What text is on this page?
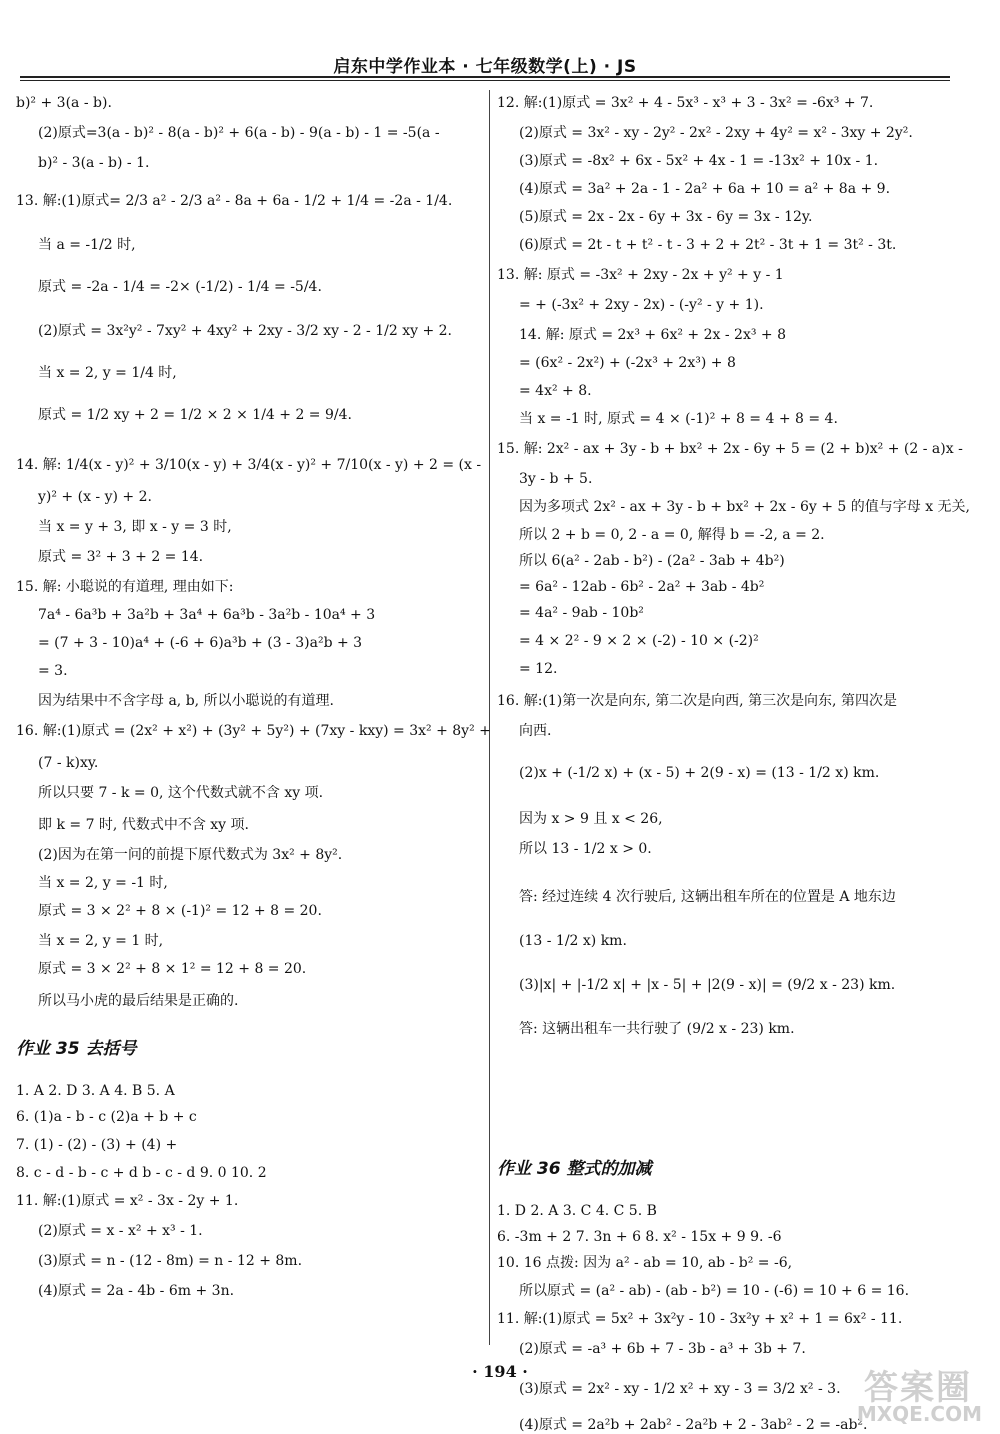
启东中学作业本 · 七年级数学(上) · JS
b)² + 3(a - b).
(2)原式=3(a - b)² - 8(a - b)² + 6(a - b) - 9(a - b) - 1 = -5(a -
b)² - 3(a - b) - 1.
13. 解:(1)原式= 2/3 a² - 2/3 a² - 8a + 6a - 1/2 + 1/4 = -2a - 1/4.
当 a = -1/2 时,
原式 = -2a - 1/4 = -2× (-1/2) - 1/4 = -5/4.
(2)原式 = 3x²y² - 7xy² + 4xy² + 2xy - 3/2 xy - 2 - 1/2 xy + 2.
当 x = 2, y = 1/4 时,
原式 = 1/2 xy + 2 = 1/2 × 2 × 1/4 + 2 = 9/4.
14. 解: 1/4(x - y)² + 3/10(x - y) + 3/4(x - y)² + 7/10(x - y) + 2 = (x -
y)² + (x - y) + 2.
当 x = y + 3, 即 x - y = 3 时,
原式 = 3² + 3 + 2 = 14.
15. 解: 小聪说的有道理, 理由如下:
7a⁴ - 6a³b + 3a²b + 3a⁴ + 6a³b - 3a²b - 10a⁴ + 3
= (7 + 3 - 10)a⁴ + (-6 + 6)a³b + (3 - 3)a²b + 3
= 3.
因为结果中不含字母 a, b, 所以小聪说的有道理.
16. 解:(1)原式 = (2x² + x²) + (3y² + 5y²) + (7xy - kxy) = 3x² + 8y² +
(7 - k)xy.
所以只要 7 - k = 0, 这个代数式就不含 xy 项.
即 k = 7 时, 代数式中不含 xy 项.
(2)因为在第一问的前提下原代数式为 3x² + 8y².
当 x = 2, y = -1 时,
原式 = 3 × 2² + 8 × (-1)² = 12 + 8 = 20.
当 x = 2, y = 1 时,
原式 = 3 × 2² + 8 × 1² = 12 + 8 = 20.
所以马小虎的最后结果是正确的.
作业 35 去括号
1. A 2. D 3. A 4. B 5. A
6. (1)a - b - c (2)a + b + c
7. (1) - (2) - (3) + (4) +
8. c - d - b - c + d b - c - d 9. 0 10. 2
11. 解:(1)原式 = x² - 3x - 2y + 1.
(2)原式 = x - x² + x³ - 1.
(3)原式 = n - (12 - 8m) = n - 12 + 8m.
(4)原式 = 2a - 4b - 6m + 3n.
12. 解:(1)原式 = 3x² + 4 - 5x³ - x³ + 3 - 3x² = -6x³ + 7.
(2)原式 = 3x² - xy - 2y² - 2x² - 2xy + 4y² = x² - 3xy + 2y².
(3)原式 = -8x² + 6x - 5x² + 4x - 1 = -13x² + 10x - 1.
(4)原式 = 3a² + 2a - 1 - 2a² + 6a + 10 = a² + 8a + 9.
(5)原式 = 2x - 2x - 6y + 3x - 6y = 3x - 12y.
(6)原式 = 2t - t + t² - t - 3 + 2 + 2t² - 3t + 1 = 3t² - 3t.
13. 解: 原式 = -3x² + 2xy - 2x + y² + y - 1
= + (-3x² + 2xy - 2x) - (-y² - y + 1).
14. 解: 原式 = 2x³ + 6x² + 2x - 2x³ + 8
= (6x² - 2x²) + (-2x³ + 2x³) + 8
= 4x² + 8.
当 x = -1 时, 原式 = 4 × (-1)² + 8 = 4 + 8 = 4.
15. 解: 2x² - ax + 3y - b + bx² + 2x - 6y + 5 = (2 + b)x² + (2 - a)x -
3y - b + 5.
因为多项式 2x² - ax + 3y - b + bx² + 2x - 6y + 5 的值与字母 x 无关,
所以 2 + b = 0, 2 - a = 0, 解得 b = -2, a = 2.
所以 6(a² - 2ab - b²) - (2a² - 3ab + 4b²)
= 6a² - 12ab - 6b² - 2a² + 3ab - 4b²
= 4a² - 9ab - 10b²
= 4 × 2² - 9 × 2 × (-2) - 10 × (-2)²
= 12.
16. 解:(1)第一次是向东, 第二次是向西, 第三次是向东, 第四次是
向西.
(2)x + (-1/2 x) + (x - 5) + 2(9 - x) = (13 - 1/2 x) km.
因为 x > 9 且 x < 26,
所以 13 - 1/2 x > 0.
答: 经过连续 4 次行驶后, 这辆出租车所在的位置是 A 地东边
(13 - 1/2 x) km.
(3)|x| + |-1/2 x| + |x - 5| + |2(9 - x)| = (9/2 x - 23) km.
答: 这辆出租车一共行驶了 (9/2 x - 23) km.
作业 36 整式的加减
1. D 2. A 3. C 4. C 5. B
6. -3m + 2 7. 3n + 6 8. x² - 15x + 9 9. -6
10. 16 点拨: 因为 a² - ab = 10, ab - b² = -6,
所以原式 = (a² - ab) - (ab - b²) = 10 - (-6) = 10 + 6 = 16.
11. 解:(1)原式 = 5x² + 3x²y - 10 - 3x²y + x² + 1 = 6x² - 11.
(2)原式 = -a³ + 6b + 7 - 3b - a³ + 3b + 7.
(3)原式 = 2x² - xy - 1/2 x² + xy - 3 = 3/2 x² - 3.
(4)原式 = 2a²b + 2ab² - 2a²b + 2 - 3ab² - 2 = -ab².
· 194 ·	答案圈
MXQE.COM
